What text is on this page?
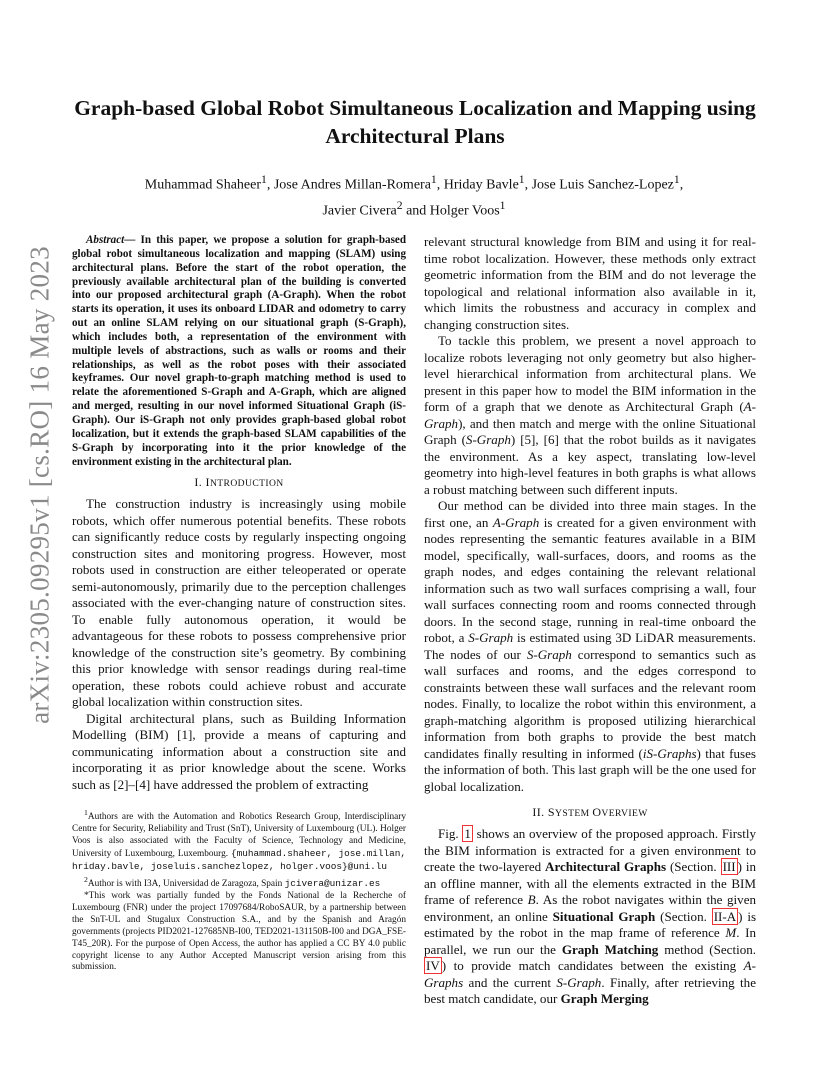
arXiv:2305.09295v1 [cs.RO] 16 May 2023
Graph-based Global Robot Simultaneous Localization and Mapping using Architectural Plans
Muhammad Shaheer$^1$, Jose Andres Millan-Romera$^1$, Hriday Bavle$^1$, Jose Luis Sanchez-Lopez$^1$,
Javier Civera$^2$ and Holger Voos$^1$

Abstract— In this paper, we propose a solution for graph-based global robot simultaneous localization and mapping (SLAM) using architectural plans. Before the start of the robot operation, the previously available architectural plan of the building is converted into our proposed architectural graph (A-Graph). When the robot starts its operation, it uses its onboard LIDAR and odometry to carry out an online SLAM relying on our situational graph (S-Graph), which includes both, a representation of the environment with multiple levels of abstractions, such as walls or rooms and their relationships, as well as the robot poses with their associated keyframes. Our novel graph-to-graph matching method is used to relate the aforementioned S-Graph and A-Graph, which are aligned and merged, resulting in our novel informed Situational Graph (iS-Graph). Our iS-Graph not only provides graph-based global robot localization, but it extends the graph-based SLAM capabilities of the S-Graph by incorporating into it the prior knowledge of the environment existing in the architectural plan.

I. INTRODUCTION

The construction industry is increasingly using mobile robots, which offer numerous potential benefits. These robots can significantly reduce costs by regularly inspecting ongoing construction sites and monitoring progress. However, most robots used in construction are either teleoperated or operate semi-autonomously, primarily due to the perception challenges associated with the ever-changing nature of construction sites. To enable fully autonomous operation, it would be advantageous for these robots to possess comprehensive prior knowledge of the construction site’s geometry. By combining this prior knowledge with sensor readings during real-time operation, these robots could achieve robust and accurate global localization within construction sites.

Digital architectural plans, such as Building Information Modelling (BIM) [1], provide a means of capturing and communicating information about a construction site and incorporating it as prior knowledge about the scene. Works such as [2]–[4] have addressed the problem of extracting

$^1$Authors are with the Automation and Robotics Research Group, Interdisciplinary Centre for Security, Reliability and Trust (SnT), University of Luxembourg (UL). Holger Voos is also associated with the Faculty of Science, Technology and Medicine, University of Luxembourg, Luxembourg. {muhammad.shaheer, jose.millan, hriday.bavle, joseluis.sanchezlopez, holger.voos}@uni.lu

$^2$Author is with I3A, Universidad de Zaragoza, Spain jcivera@unizar.es

*This work was partially funded by the Fonds National de la Recherche of Luxembourg (FNR) under the project 17097684/RoboSAUR, by a partnership between the SnT-UL and Stugalux Construction S.A., and by the Spanish and Aragón governments (projects PID2021-127685NB-I00, TED2021-131150B-I00 and DGA_FSE-T45_20R). For the purpose of Open Access, the author has applied a CC BY 4.0 public copyright license to any Author Accepted Manuscript version arising from this submission.

relevant structural knowledge from BIM and using it for real-time robot localization. However, these methods only extract geometric information from the BIM and do not leverage the topological and relational information also available in it, which limits the robustness and accuracy in complex and changing construction sites.

To tackle this problem, we present a novel approach to localize robots leveraging not only geometry but also higher-level hierarchical information from architectural plans. We present in this paper how to model the BIM information in the form of a graph that we denote as Architectural Graph (A-Graph), and then match and merge with the online Situational Graph (S-Graph) [5], [6] that the robot builds as it navigates the environment. As a key aspect, translating low-level geometry into high-level features in both graphs is what allows a robust matching between such different inputs.

Our method can be divided into three main stages. In the first one, an A-Graph is created for a given environment with nodes representing the semantic features available in a BIM model, specifically, wall-surfaces, doors, and rooms as the graph nodes, and edges containing the relevant relational information such as two wall surfaces comprising a wall, four wall surfaces connecting room and rooms connected through doors. In the second stage, running in real-time onboard the robot, a S-Graph is estimated using 3D LiDAR measurements. The nodes of our S-Graph correspond to semantics such as wall surfaces and rooms, and the edges correspond to constraints between these wall surfaces and the relevant room nodes. Finally, to localize the robot within this environment, a graph-matching algorithm is proposed utilizing hierarchical information from both graphs to provide the best match candidates finally resulting in informed (iS-Graphs) that fuses the information of both. This last graph will be the one used for global localization.

II. SYSTEM OVERVIEW

Fig. 1 shows an overview of the proposed approach. Firstly the BIM information is extracted for a given environment to create the two-layered Architectural Graphs (Section. III ) in an offline manner, with all the elements extracted in the BIM frame of reference B. As the robot navigates within the given environment, an online Situational Graph (Section. II-A ) is estimated by the robot in the map frame of reference M. In parallel, we run our the Graph Matching method (Section. IV ) to provide match candidates between the existing A-Graphs and the current S-Graph. Finally, after retrieving the best match candidate, our Graph Merging
